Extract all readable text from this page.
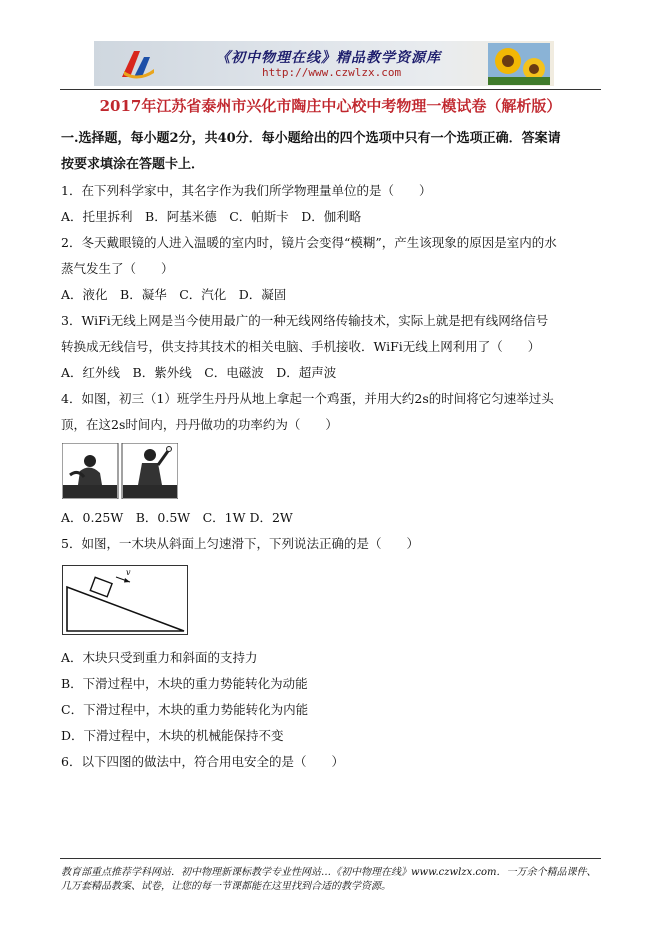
《初中物理在线》精品教学资源库
http://www.czwlzx.com
2017年江苏省泰州市兴化市陶庄中心校中考物理一模试卷（解析版）
一.选择题，每小题2分，共40分．每小题给出的四个选项中只有一个选项正确．答案请
按要求填涂在答题卡上．
1．在下列科学家中，其名字作为我们所学物理量单位的是（　　）
A．托里拆利　B．阿基米德　C．帕斯卡　D．伽利略
2．冬天戴眼镜的人进入温暖的室内时，镜片会变得“模糊”，产生该现象的原因是室内的水
蒸气发生了（　　）
A．液化　B．凝华　C．汽化　D．凝固
3．WiFi无线上网是当今使用最广的一种无线网络传输技术，实际上就是把有线网络信号
转换成无线信号，供支持其技术的相关电脑、手机接收．WiFi无线上网利用了（　　）
A．红外线　B．紫外线　C．电磁波　D．超声波
4．如图，初三（1）班学生丹丹从地上拿起一个鸡蛋，并用大约2s的时间将它匀速举过头
顶，在这2s时间内，丹丹做功的功率约为（　　）
A．0.25W　B．0.5W　C．1W D．2W
5．如图，一木块从斜面上匀速滑下，下列说法正确的是（　　）
v
A．木块只受到重力和斜面的支持力
B．下滑过程中，木块的重力势能转化为动能
C．下滑过程中，木块的重力势能转化为内能
D．下滑过程中，木块的机械能保持不变
6．以下四图的做法中，符合用电安全的是（　　）
教育部重点推荐学科网站．初中物理新课标教学专业性网站…《初中物理在线》www.czwlzx.com．一万余个精品课件、
几万套精品教案、试卷，让您的每一节课都能在这里找到合适的教学资源。
